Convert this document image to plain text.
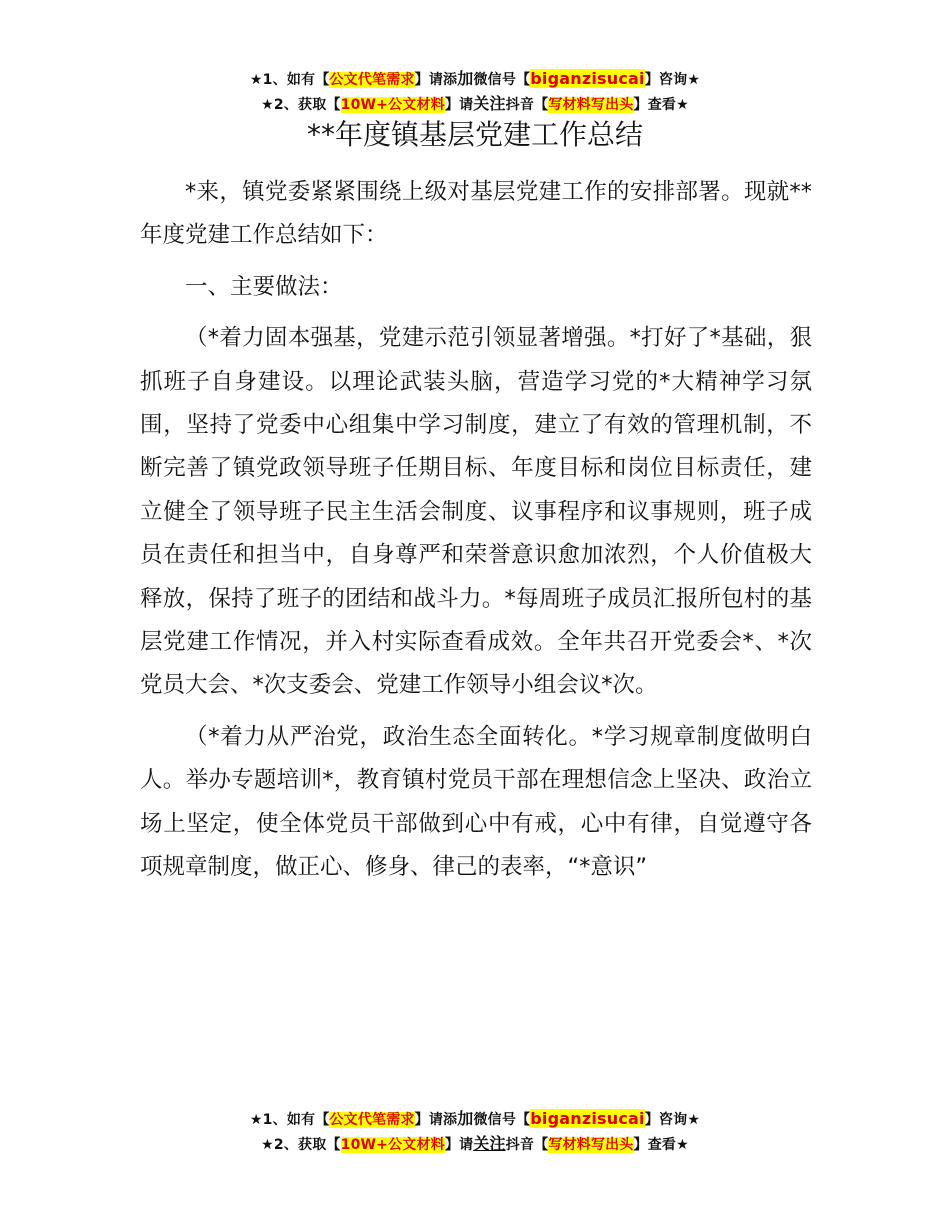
★1、如有【公文代笔需求】请添加微信号【biganzisucai】咨询★
★2、获取【10W+公文材料】请关注抖音【写材料写出头】查看★
**年度镇基层党建工作总结

*来，镇党委紧紧围绕上级对基层党建工作的安排部署。现就**年度党建工作总结如下：

一、主要做法：

（*着力固本强基，党建示范引领显著增强。*打好了*基础，狠抓班子自身建设。以理论武装头脑，营造学习党的*大精神学习氛围，坚持了党委中心组集中学习制度，建立了有效的管理机制，不断完善了镇党政领导班子任期目标、年度目标和岗位目标责任，建立健全了领导班子民主生活会制度、议事程序和议事规则，班子成员在责任和担当中，自身尊严和荣誉意识愈加浓烈，个人价值极大释放，保持了班子的团结和战斗力。*每周班子成员汇报所包村的基层党建工作情况，并入村实际查看成效。全年共召开党委会*、*次党员大会、*次支委会、党建工作领导小组会议*次。

（*着力从严治党，政治生态全面转化。*学习规章制度做明白人。举办专题培训*，教育镇村党员干部在理想信念上坚决、政治立场上坚定，使全体党员干部做到心中有戒，心中有律，自觉遵守各项规章制度，做正心、修身、律己的表率，“*意识”

★1、如有【公文代笔需求】请添加微信号【biganzisucai】咨询★
★2、获取【10W+公文材料】请关注抖音【写材料写出头】查看★
